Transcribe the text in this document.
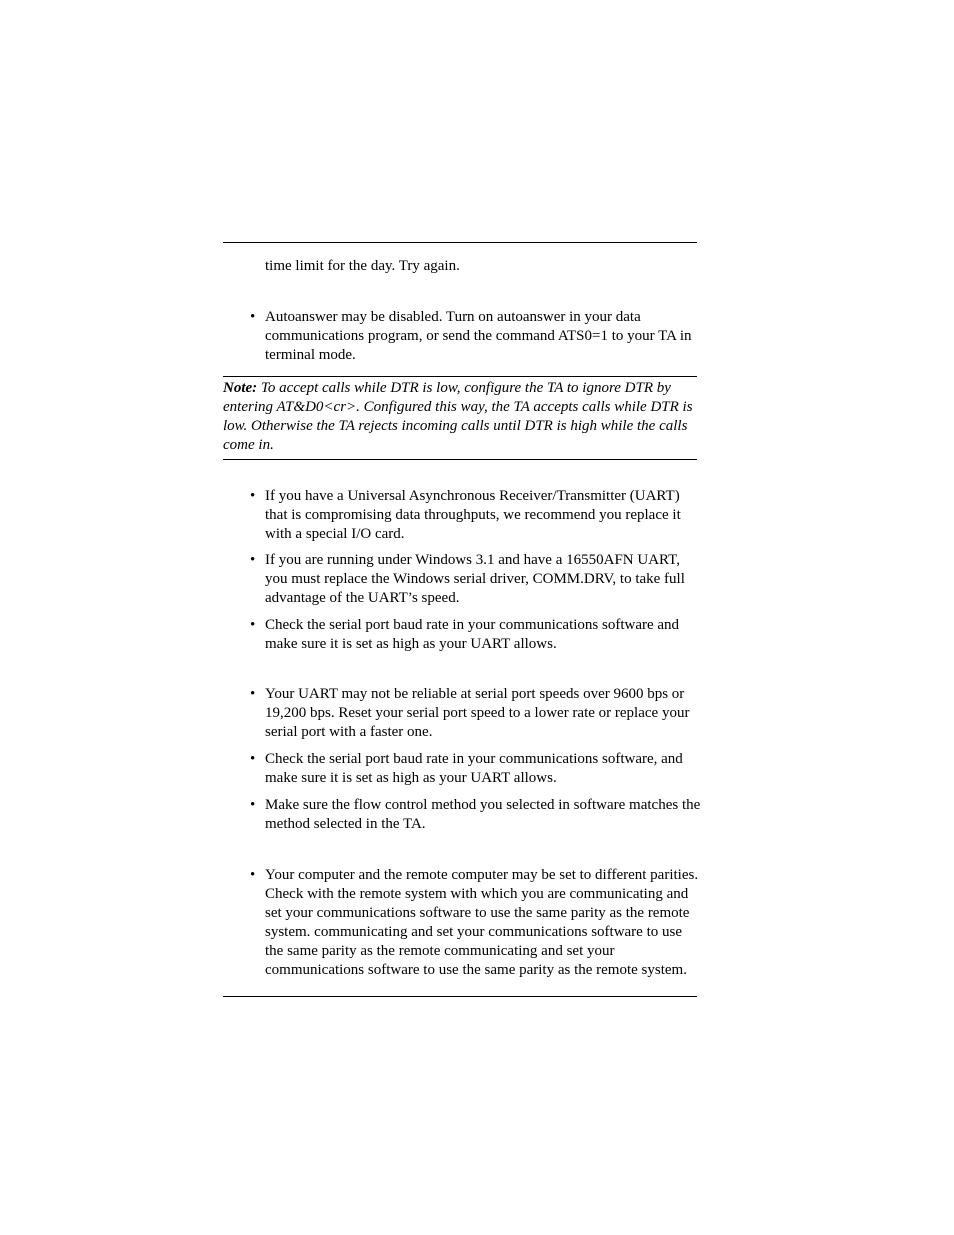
time limit for the day. Try again.

• Autoanswer may be disabled. Turn on autoanswer in your data communications program, or send the command ATS0=1 to your TA in terminal mode.

Note: To accept calls while DTR is low, configure the TA to ignore DTR by entering AT&D0<cr>. Configured this way, the TA accepts calls while DTR is low. Otherwise the TA rejects incoming calls until DTR is high while the calls come in.

• If you have a Universal Asynchronous Receiver/Transmitter (UART) that is compromising data throughputs, we recommend you replace it with a special I/O card.

• If you are running under Windows 3.1 and have a 16550AFN UART, you must replace the Windows serial driver, COMM.DRV, to take full advantage of the UART’s speed.

• Check the serial port baud rate in your communications software and make sure it is set as high as your UART allows.

• Your UART may not be reliable at serial port speeds over 9600 bps or 19,200 bps. Reset your serial port speed to a lower rate or replace your serial port with a faster one.

• Check the serial port baud rate in your communications software, and make sure it is set as high as your UART allows.

• Make sure the flow control method you selected in software matches the method selected in the TA.

• Your computer and the remote computer may be set to different parities. Check with the remote system with which you are communicating and set your communications software to use the same parity as the remote system. communicating and set your communications software to use the same parity as the remote communicating and set your communications software to use the same parity as the remote system.
